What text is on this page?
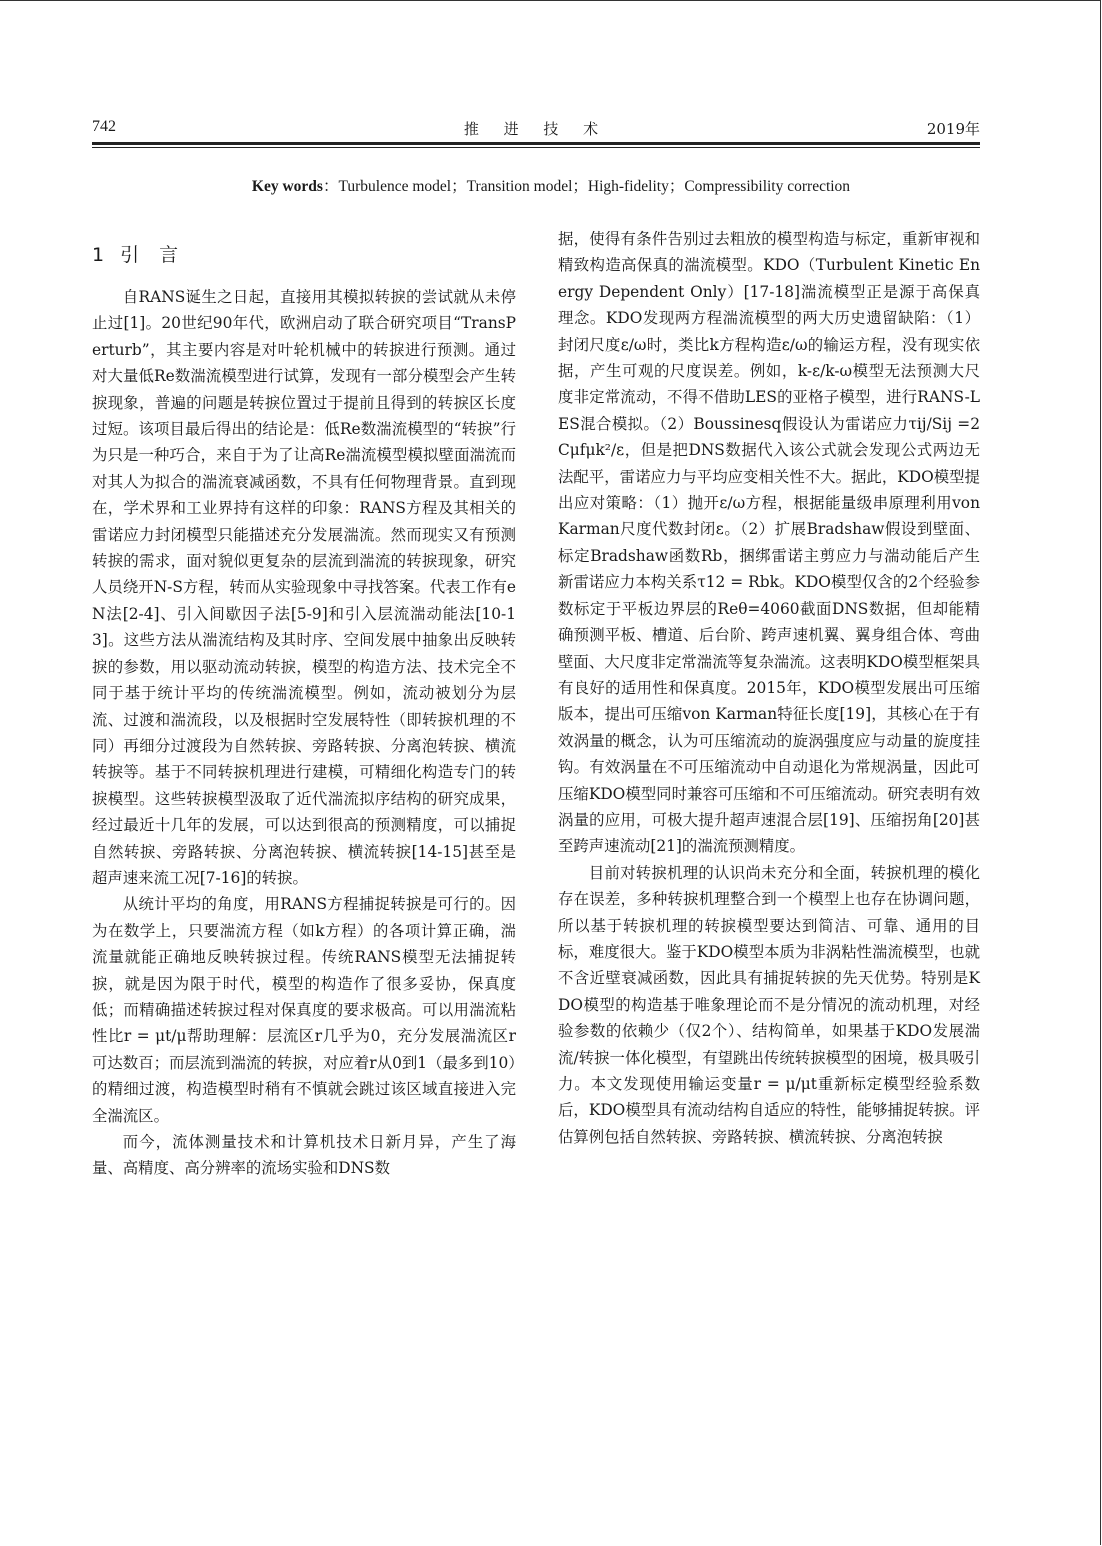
742	推 进 技 术	2019年
Key words：Turbulence model；Transition model；High-fidelity；Compressibility correction
1 引言

自RANS诞生之日起，直接用其模拟转捩的尝试就从未停止过[1]。20世纪90年代，欧洲启动了联合研究项目“TransPerturb”，其主要内容是对叶轮机械中的转捩进行预测。通过对大量低Re数湍流模型进行试算，发现有一部分模型会产生转捩现象，普遍的问题是转捩位置过于提前且得到的转捩区长度过短。该项目最后得出的结论是：低Re数湍流模型的“转捩”行为只是一种巧合，来自于为了让高Re湍流模型模拟壁面湍流而对其人为拟合的湍流衰减函数，不具有任何物理背景。直到现在，学术界和工业界持有这样的印象：RANS方程及其相关的雷诺应力封闭模型只能描述充分发展湍流。然而现实又有预测转捩的需求，面对貌似更复杂的层流到湍流的转捩现象，研究人员绕开N-S方程，转而从实验现象中寻找答案。代表工作有eN法[2-4]、引入间歇因子法[5-9]和引入层流湍动能法[10-13]。这些方法从湍流结构及其时序、空间发展中抽象出反映转捩的参数，用以驱动流动转捩，模型的构造方法、技术完全不同于基于统计平均的传统湍流模型。例如，流动被划分为层流、过渡和湍流段，以及根据时空发展特性（即转捩机理的不同）再细分过渡段为自然转捩、旁路转捩、分离泡转捩、横流转捩等。基于不同转捩机理进行建模，可精细化构造专门的转捩模型。这些转捩模型汲取了近代湍流拟序结构的研究成果，经过最近十几年的发展，可以达到很高的预测精度，可以捕捉自然转捩、旁路转捩、分离泡转捩、横流转捩[14-15]甚至是超声速来流工况[7-16]的转捩。

从统计平均的角度，用RANS方程捕捉转捩是可行的。因为在数学上，只要湍流方程（如k方程）的各项计算正确，湍流量就能正确地反映转捩过程。传统RANS模型无法捕捉转捩，就是因为限于时代，模型的构造作了很多妥协，保真度低；而精确描述转捩过程对保真度的要求极高。可以用湍流粘性比r = μt/μ帮助理解：层流区r几乎为0，充分发展湍流区r可达数百；而层流到湍流的转捩，对应着r从0到1（最多到10）的精细过渡，构造模型时稍有不慎就会跳过该区域直接进入完全湍流区。

而今，流体测量技术和计算机技术日新月异，产生了海量、高精度、高分辨率的流场实验和DNS数

据，使得有条件告别过去粗放的模型构造与标定，重新审视和精致构造高保真的湍流模型。KDO（Turbulent Kinetic Energy Dependent Only）[17-18]湍流模型正是源于高保真理念。KDO发现两方程湍流模型的两大历史遗留缺陷：（1）封闭尺度ε/ω时，类比k方程构造ε/ω的输运方程，没有现实依据，产生可观的尺度误差。例如，k-ε/k-ω模型无法预测大尺度非定常流动，不得不借助LES的亚格子模型，进行RANS-LES混合模拟。（2）Boussinesq假设认为雷诺应力τij/Sij =2Cμfμk²/ε，但是把DNS数据代入该公式就会发现公式两边无法配平，雷诺应力与平均应变相关性不大。据此，KDO模型提出应对策略：（1）抛开ε/ω方程，根据能量级串原理利用von Karman尺度代数封闭ε。（2）扩展Bradshaw假设到壁面、标定Bradshaw函数Rb，捆绑雷诺主剪应力与湍动能后产生新雷诺应力本构关系τ12 = Rbk。KDO模型仅含的2个经验参数标定于平板边界层的Reθ=4060截面DNS数据，但却能精确预测平板、槽道、后台阶、跨声速机翼、翼身组合体、弯曲壁面、大尺度非定常湍流等复杂湍流。这表明KDO模型框架具有良好的适用性和保真度。2015年，KDO模型发展出可压缩版本，提出可压缩von Karman特征长度[19]，其核心在于有效涡量的概念，认为可压缩流动的旋涡强度应与动量的旋度挂钩。有效涡量在不可压缩流动中自动退化为常规涡量，因此可压缩KDO模型同时兼容可压缩和不可压缩流动。研究表明有效涡量的应用，可极大提升超声速混合层[19]、压缩拐角[20]甚至跨声速流动[21]的湍流预测精度。

目前对转捩机理的认识尚未充分和全面，转捩机理的模化存在误差，多种转捩机理整合到一个模型上也存在协调问题，所以基于转捩机理的转捩模型要达到简洁、可靠、通用的目标，难度很大。鉴于KDO模型本质为非涡粘性湍流模型，也就不含近壁衰减函数，因此具有捕捉转捩的先天优势。特别是KDO模型的构造基于唯象理论而不是分情况的流动机理，对经验参数的依赖少（仅2个）、结构简单，如果基于KDO发展湍流/转捩一体化模型，有望跳出传统转捩模型的困境，极具吸引力。本文发现使用输运变量r = μ/μt重新标定模型经验系数后，KDO模型具有流动结构自适应的特性，能够捕捉转捩。评估算例包括自然转捩、旁路转捩、横流转捩、分离泡转捩
